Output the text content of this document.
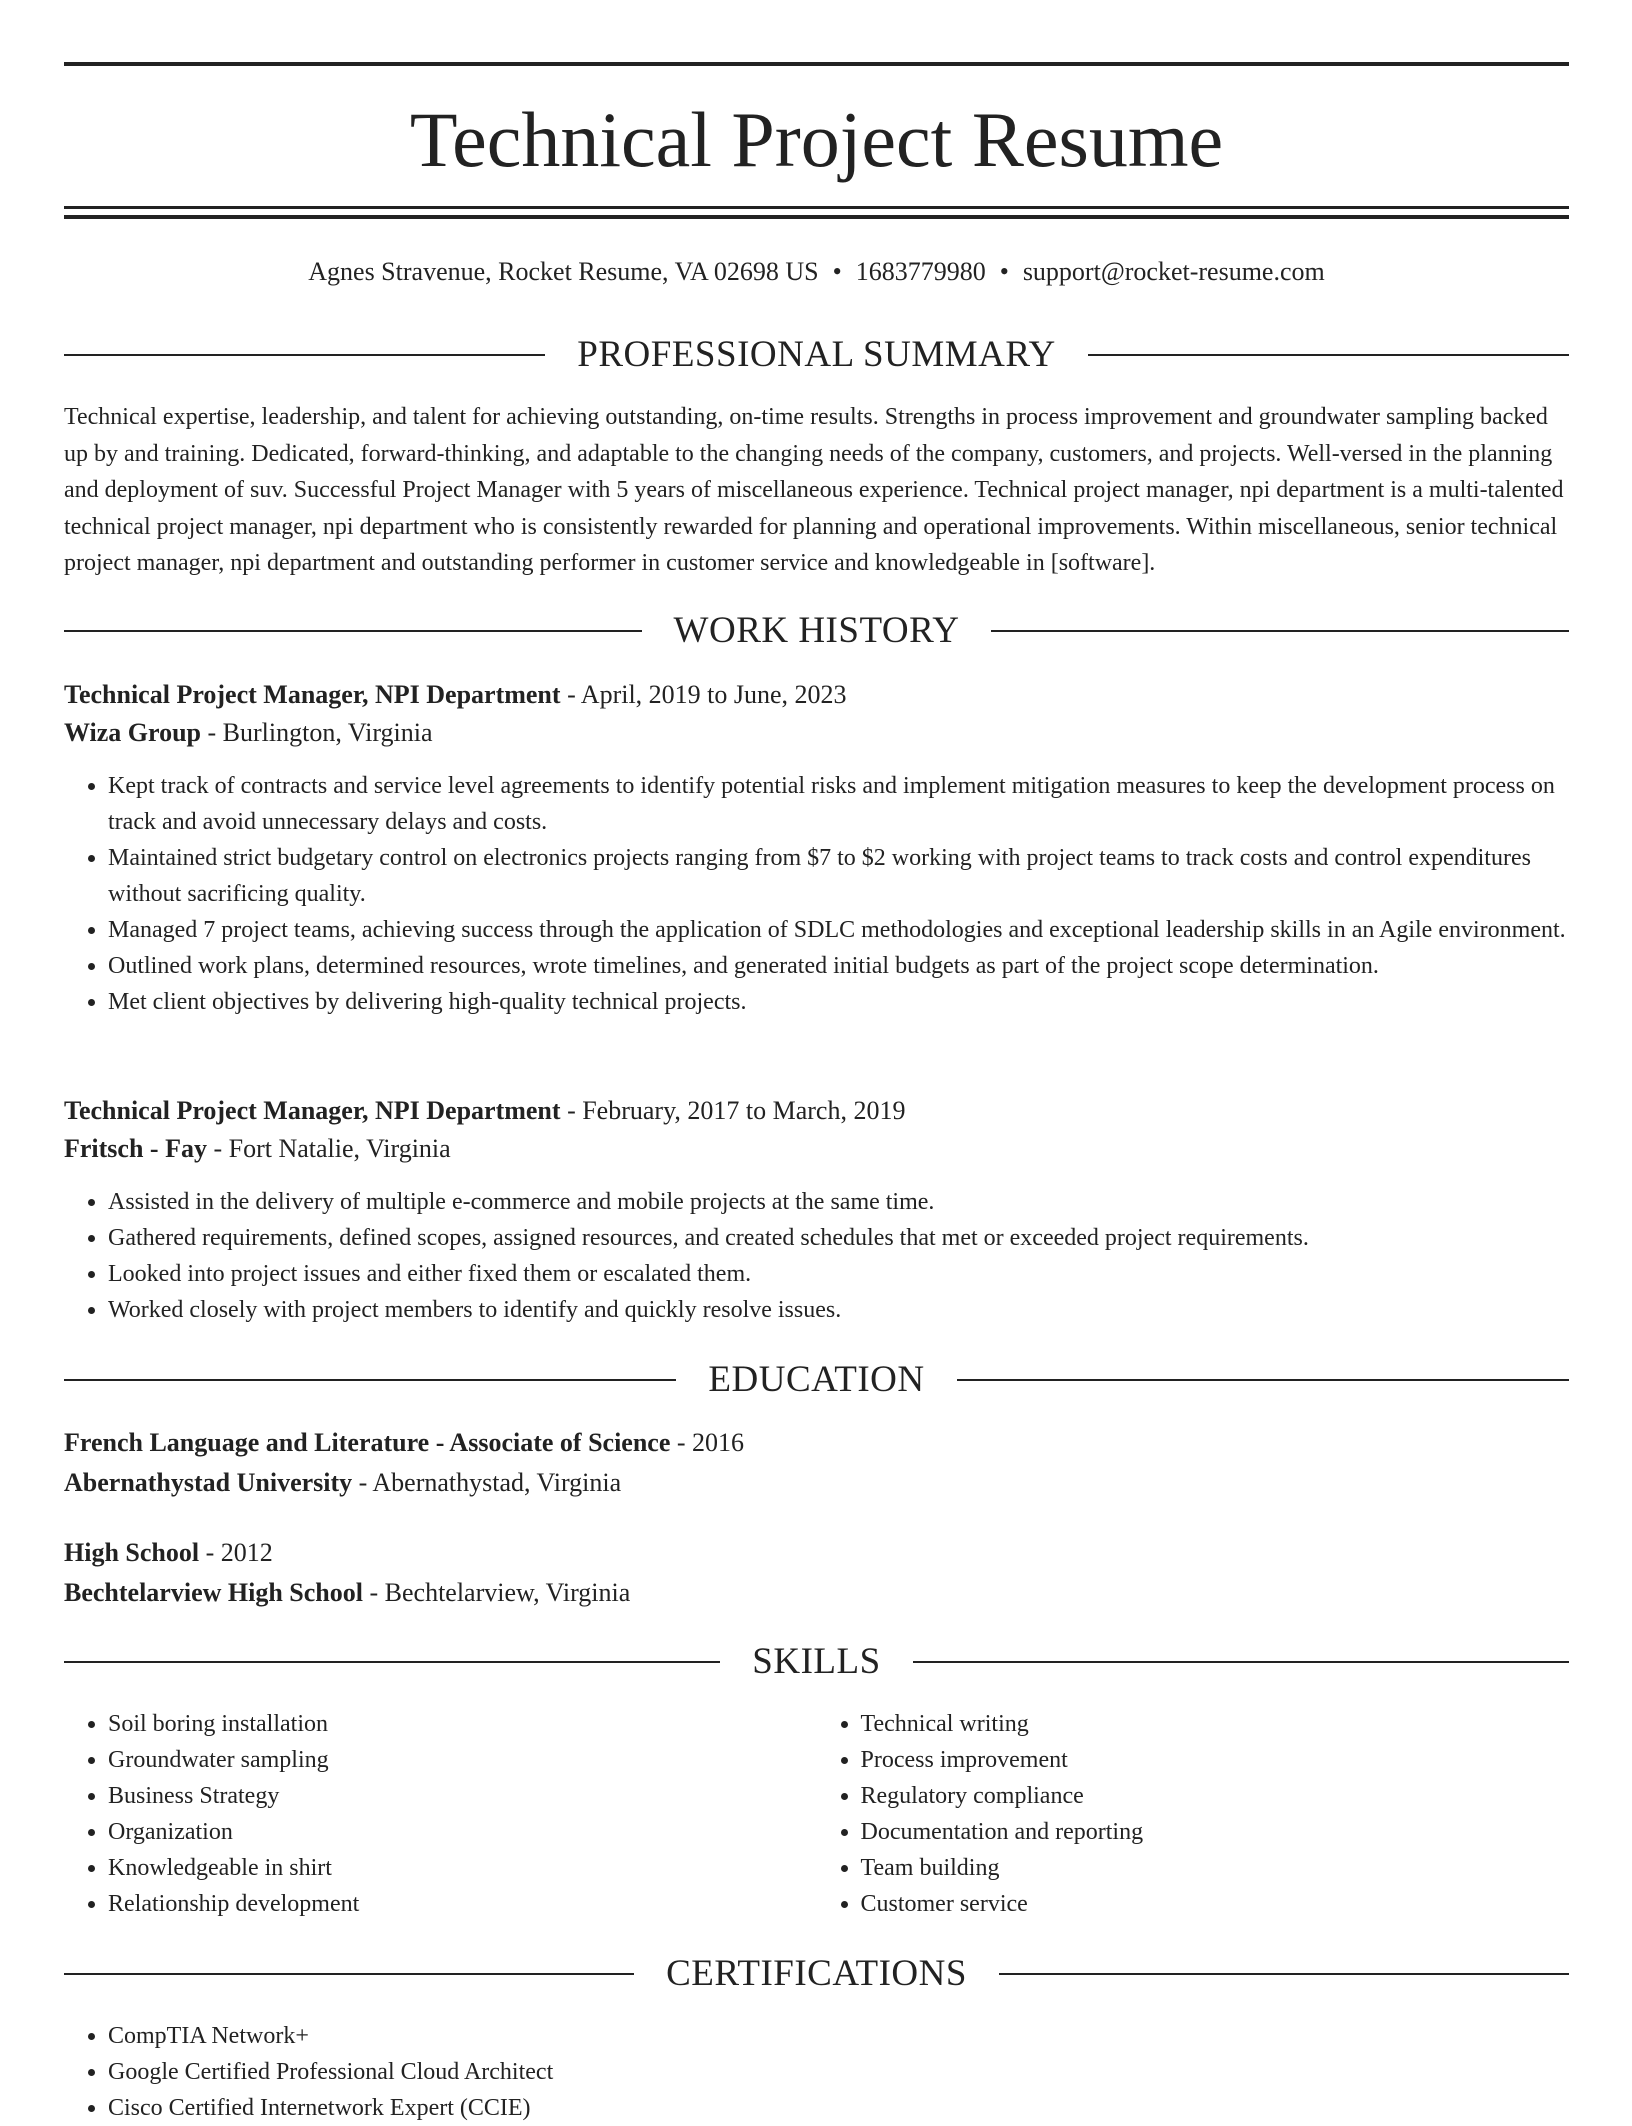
Technical Project Resume
Agnes Stravenue, Rocket Resume, VA 02698 US • 1683779980 • support@rocket-resume.com
PROFESSIONAL SUMMARY

Technical expertise, leadership, and talent for achieving outstanding, on-time results. Strengths in process improvement and groundwater sampling backed up by and training. Dedicated, forward-thinking, and adaptable to the changing needs of the company, customers, and projects. Well-versed in the planning and deployment of suv. Successful Project Manager with 5 years of miscellaneous experience. Technical project manager, npi department is a multi-talented technical project manager, npi department who is consistently rewarded for planning and operational improvements. Within miscellaneous, senior technical project manager, npi department and outstanding performer in customer service and knowledgeable in [software].

WORK HISTORY
Technical Project Manager, NPI Department - April, 2019 to June, 2023
Wiza Group - Burlington, Virginia
• Kept track of contracts and service level agreements to identify potential risks and implement mitigation measures to keep the development process on track and avoid unnecessary delays and costs.
• Maintained strict budgetary control on electronics projects ranging from $7 to $2 working with project teams to track costs and control expenditures without sacrificing quality.
• Managed 7 project teams, achieving success through the application of SDLC methodologies and exceptional leadership skills in an Agile environment.
• Outlined work plans, determined resources, wrote timelines, and generated initial budgets as part of the project scope determination.
• Met client objectives by delivering high-quality technical projects.
Technical Project Manager, NPI Department - February, 2017 to March, 2019
Fritsch - Fay - Fort Natalie, Virginia
• Assisted in the delivery of multiple e-commerce and mobile projects at the same time.
• Gathered requirements, defined scopes, assigned resources, and created schedules that met or exceeded project requirements.
• Looked into project issues and either fixed them or escalated them.
• Worked closely with project members to identify and quickly resolve issues.
EDUCATION
French Language and Literature - Associate of Science - 2016
Abernathystad University - Abernathystad, Virginia
High School - 2012
Bechtelarview High School - Bechtelarview, Virginia
SKILLS
• Soil boring installation
• Groundwater sampling
• Business Strategy
• Organization
• Knowledgeable in shirt
• Relationship development
• Technical writing
• Process improvement
• Regulatory compliance
• Documentation and reporting
• Team building
• Customer service
CERTIFICATIONS
• CompTIA Network+
• Google Certified Professional Cloud Architect
• Cisco Certified Internetwork Expert (CCIE)
